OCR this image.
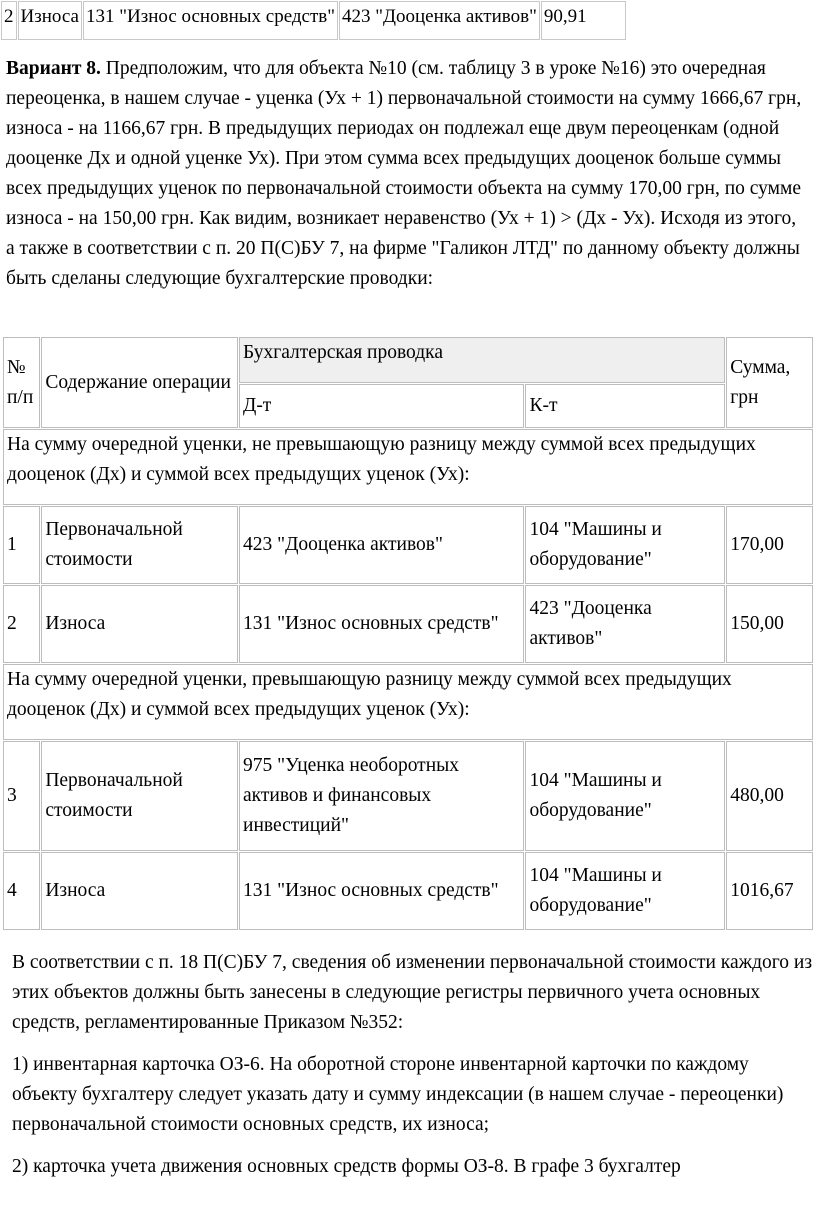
2	Износа	131 "Износ основных средств"	423 "Дооценка активов"	90,91

Вариант 8. Предположим, что для объекта №10 (см. таблицу 3 в уроке №16) это очередная переоценка, в нашем случае - уценка (Ух + 1) первоначальной стоимости на сумму 1666,67 грн, износа - на 1166,67 грн. В предыдущих периодах он подлежал еще двум переоценкам (одной дооценке Дх и одной уценке Ух). При этом сумма всех предыдущих дооценок больше суммы всех предыдущих уценок по первоначальной стоимости объекта на сумму 170,00 грн, по сумме износа - на 150,00 грн. Как видим, возникает неравенство (Ух + 1) > (Дх - Ух). Исходя из этого, а также в соответствии с п. 20 П(С)БУ 7, на фирме "Галикон ЛТД" по данному объекту должны быть сделаны следующие бухгалтерские проводки:

№ п/п	Содержание операции	Бухгалтерская проводка		Сумма, грн
		Д-т	К-т	
На сумму очередной уценки, не превышающую разницу между суммой всех предыдущих дооценок (Дх) и суммой всех предыдущих уценок (Ух):				
1	Первоначальной стоимости	423 "Дооценка активов"	104 "Машины и оборудование"	170,00
2	Износа	131 "Износ основных средств"	423 "Дооценка активов"	150,00
На сумму очередной уценки, превышающую разницу между суммой всех предыдущих дооценок (Дх) и суммой всех предыдущих уценок (Ух):				
3	Первоначальной стоимости	975 "Уценка необоротных активов и финансовых инвестиций"	104 "Машины и оборудование"	480,00
4	Износа	131 "Износ основных средств"	104 "Машины и оборудование"	1016,67

В соответствии с п. 18 П(С)БУ 7, сведения об изменении первоначальной стоимости каждого из этих объектов должны быть занесены в следующие регистры первичного учета основных средств, регламентированные Приказом №352:

1) инвентарная карточка ОЗ-6. На оборотной стороне инвентарной карточки по каждому объекту бухгалтеру следует указать дату и сумму индексации (в нашем случае - переоценки) первоначальной стоимости основных средств, их износа;

2) карточка учета движения основных средств формы ОЗ-8. В графе 3 бухгалтер
